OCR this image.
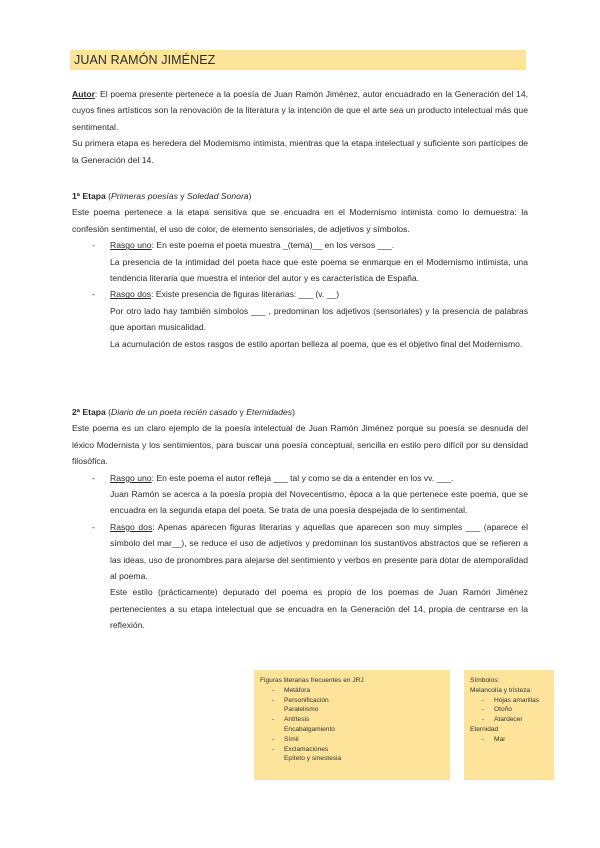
JUAN RAMÓN JIMÉNEZ

Autor: El poema presente pertenece a la poesía de Juan Ramón Jiménez, autor encuadrado en la Generación del 14, cuyos fines artísticos son la renovación de la literatura y la intención de que el arte sea un producto intelectual más que sentimental.

Su primera etapa es heredera del Modernismo intimista, mientras que la etapa intelectual y suficiente son partícipes de la Generación del 14.

1ª Etapa (Primeras poesías y Soledad Sonora)

Este poema pertenece a la etapa sensitiva que se encuadra en el Modernismo intimista como lo demuestra: la confesión sentimental, el uso de color, de elemento sensoriales, de adjetivos y símbolos.

- Rasgo uno: En este poema el poeta muestra _(tema)__ en los versos ___.

La presencia de la intimidad del poeta hace que este poema se enmarque en el Modernismo intimista, una tendencia literaria que muestra el interior del autor y es característica de España.

- Rasgo dos: Existe presencia de figuras literarias: ___ (v. __)

Por otro lado hay también símbolos ___ , predominan los adjetivos (sensoriales) y la presencia de palabras que aportan musicalidad.

La acumulación de estos rasgos de estilo aportan belleza al poema, que es el objetivo final del Modernismo.

2ª Etapa (Diario de un poeta recién casado y Eternidades)

Este poema es un claro ejemplo de la poesía intelectual de Juan Ramón Jiménez porque su poesía se desnuda del léxico Modernista y los sentimientos, para buscar una poesía conceptual, sencilla en estilo pero difícil por su densidad filosófica.

- Rasgo uno: En este poema el autor refleja ___ tal y como se da a entender en los vv. ___.

Juan Ramón se acerca a la poesía propia del Novecentismo, época a la que pertenece este poema, que se encuadra en la segunda etapa del poeta. Se trata de una poesía despejada de lo sentimental.

- Rasgo dos: Apenas aparecen figuras literarias y aquellas que aparecen son muy simples ___ (aparece el símbolo del mar__), se reduce el uso de adjetivos y predominan los sustantivos abstractos que se refieren a las ideas, uso de pronombres para alejarse del sentimiento y verbos en presente para dotar de atemporalidad al poema.

Este estilo (prácticamente) depurado del poema es propio de los poemas de Juan Ramón Jiménez pertenecientes a su etapa intelectual que se encuadra en la Generación del 14, propia de centrarse en la reflexión.

Figuras literarias frecuentes en JRJ
- Metáfora
- Personificación
Paralelismo
- Antítesis
Encabalgamiento
- Símil
- Exclamaciones
Epíteto y sinestesia
Símbolos:
Melancolía y tristeza:
- Hojas amarillas
- Otoño
- Atardecer
Eternidad
- Mar
